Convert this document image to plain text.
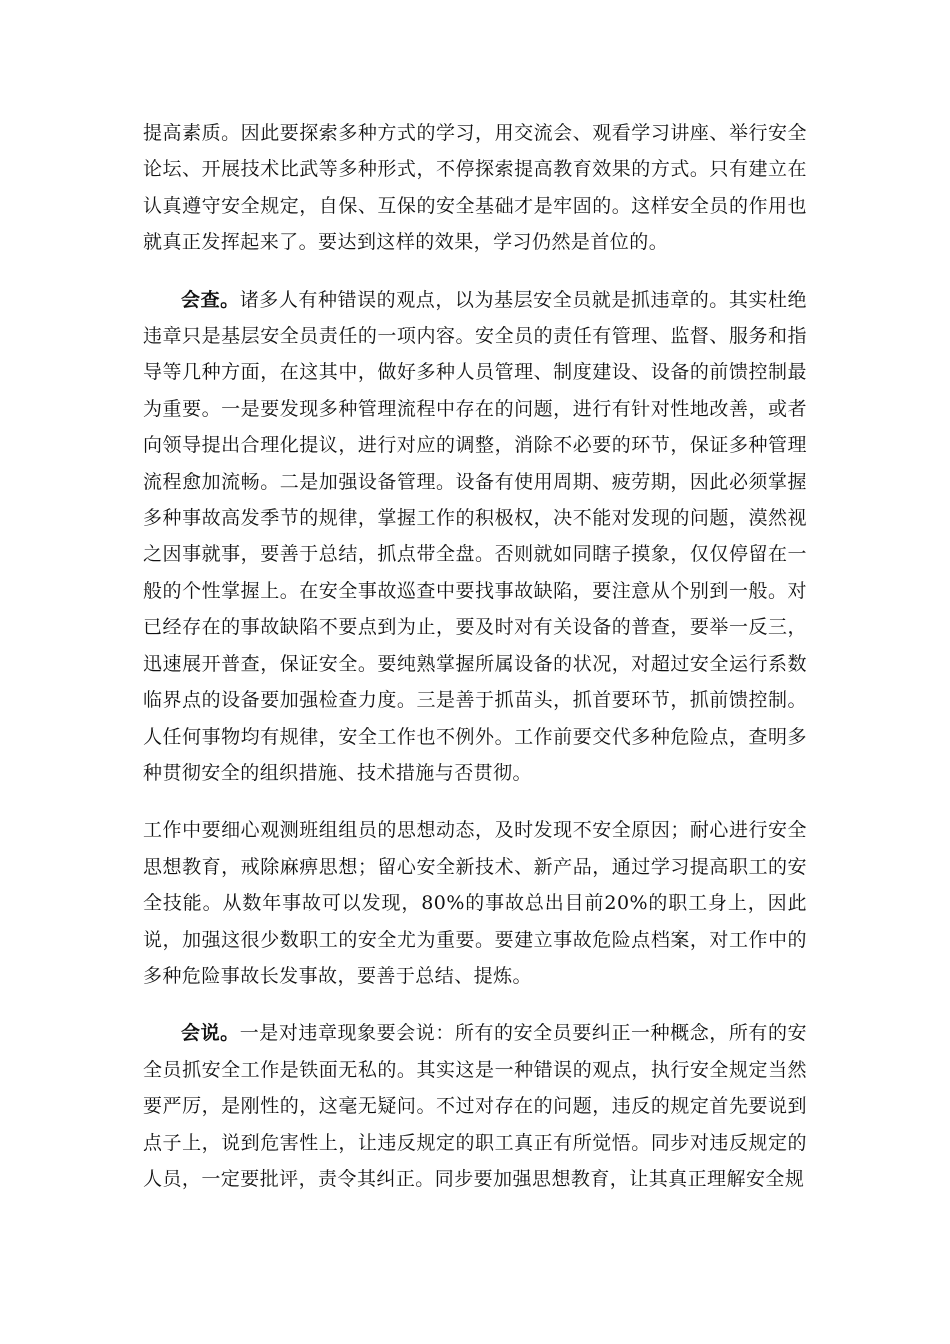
提高素质。因此要探索多种方式的学习，用交流会、观看学习讲座、举行安全论坛、开展技术比武等多种形式，不停探索提高教育效果的方式。只有建立在认真遵守安全规定，自保、互保的安全基础才是牢固的。这样安全员的作用也就真正发挥起来了。要达到这样的效果，学习仍然是首位的。

会查。诸多人有种错误的观点，以为基层安全员就是抓违章的。其实杜绝违章只是基层安全员责任的一项内容。安全员的责任有管理、监督、服务和指导等几种方面，在这其中，做好多种人员管理、制度建设、设备的前馈控制最为重要。一是要发现多种管理流程中存在的问题，进行有针对性地改善，或者向领导提出合理化提议，进行对应的调整，消除不必要的环节，保证多种管理流程愈加流畅。二是加强设备管理。设备有使用周期、疲劳期，因此必须掌握多种事故高发季节的规律，掌握工作的积极权，决不能对发现的问题，漠然视之因事就事，要善于总结，抓点带全盘。否则就如同瞎子摸象，仅仅停留在一般的个性掌握上。在安全事故巡查中要找事故缺陷，要注意从个别到一般。对已经存在的事故缺陷不要点到为止，要及时对有关设备的普查，要举一反三，迅速展开普查，保证安全。要纯熟掌握所属设备的状况，对超过安全运行系数临界点的设备要加强检查力度。三是善于抓苗头，抓首要环节，抓前馈控制。人任何事物均有规律，安全工作也不例外。工作前要交代多种危险点，查明多种贯彻安全的组织措施、技术措施与否贯彻。

工作中要细心观测班组组员的思想动态，及时发现不安全原因；耐心进行安全思想教育，戒除麻痹思想；留心安全新技术、新产品，通过学习提高职工的安全技能。从数年事故可以发现，80%的事故总出目前20%的职工身上，因此说，加强这很少数职工的安全尤为重要。要建立事故危险点档案，对工作中的多种危险事故长发事故，要善于总结、提炼。

会说。一是对违章现象要会说：所有的安全员要纠正一种概念，所有的安全员抓安全工作是铁面无私的。其实这是一种错误的观点，执行安全规定当然要严厉，是刚性的，这毫无疑问。不过对存在的问题，违反的规定首先要说到点子上，说到危害性上，让违反规定的职工真正有所觉悟。同步对违反规定的人员，一定要批评，责令其纠正。同步要加强思想教育，让其真正理解安全规
